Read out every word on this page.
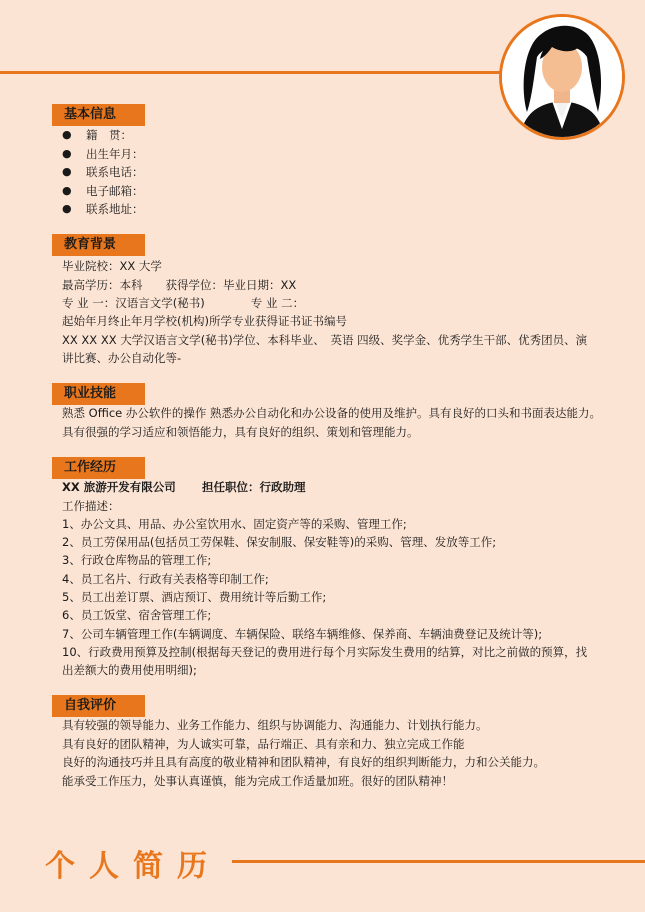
基本信息
●	籍　贯：
●	出生年月：
●	联系电话：
●	电子邮箱：
●	联系地址：
教育背景
毕业院校：XX 大学
最高学历：本科　　获得学位：毕业日期：XX
专 业 一：汉语言文学(秘书)　　　　专 业 二：
起始年月终止年月学校(机构)所学专业获得证书证书编号
XX XX XX 大学汉语言文学(秘书)学位、本科毕业、　英语 四级、奖学金、优秀学生干部、优秀团员、演
讲比赛、办公自动化等-
职业技能
熟悉 Office 办公软件的操作 熟悉办公自动化和办公设备的使用及维护。具有良好的口头和书面表达能力。
具有很强的学习适应和领悟能力，具有良好的组织、策划和管理能力。
工作经历
XX 旅游开发有限公司 担任职位：行政助理
工作描述：
1、办公文具、用品、办公室饮用水、固定资产等的采购、管理工作;
2、员工劳保用品(包括员工劳保鞋、保安制服、保安鞋等)的采购、管理、发放等工作;
3、行政仓库物品的管理工作;
4、员工名片、行政有关表格等印制工作;
5、员工出差订票、酒店预订、费用统计等后勤工作;
6、员工饭堂、宿舍管理工作;
7、公司车辆管理工作(车辆调度、车辆保险、联络车辆维修、保养商、车辆油费登记及统计等);
10、行政费用预算及控制(根据每天登记的费用进行每个月实际发生费用的结算，对比之前做的预算，找
出差额大的费用使用明细);
自我评价
具有较强的领导能力、业务工作能力、组织与协调能力、沟通能力、计划执行能力。
具有良好的团队精神，为人诚实可靠，品行端正、具有亲和力、独立完成工作能
良好的沟通技巧并且具有高度的敬业精神和团队精神，有良好的组织判断能力，力和公关能力。
能承受工作压力，处事认真谨慎，能为完成工作适量加班。很好的团队精神！
个人简历
